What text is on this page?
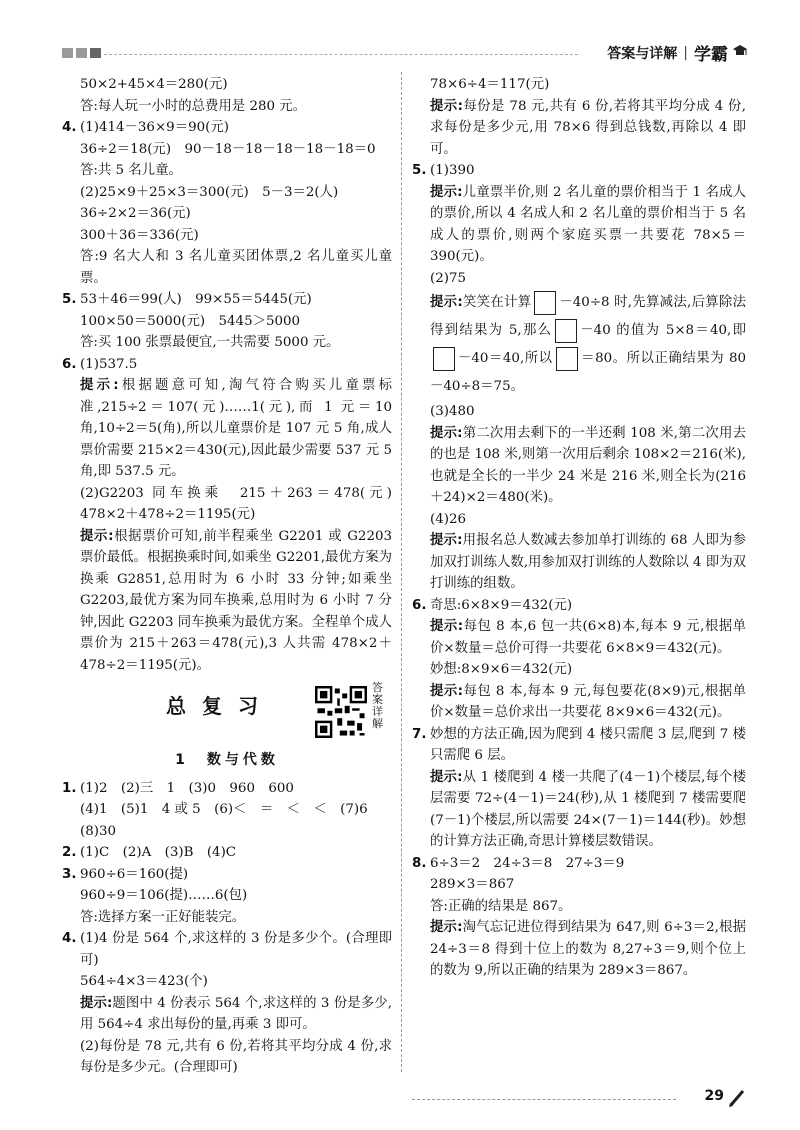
答案与详解 | 学霸
50×2+45×4＝280(元)
答:每人玩一小时的总费用是 280 元。
4. (1)414－36×9＝90(元)
36÷2＝18(元)　90－18－18－18－18－18＝0
答:共 5 名儿童。
(2)25×9＋25×3＝300(元)　5－3＝2(人)
36÷2×2＝36(元)
300＋36＝336(元)
答:9 名大人和 3 名儿童买团体票,2 名儿童买儿童票。
5. 53＋46＝99(人)　99×55＝5445(元)
100×50＝5000(元)　5445＞5000
答:买 100 张票最便宜,一共需要 5000 元。
6. (1)537.5
提示:根据题意可知,淘气符合购买儿童票标准,215÷2＝107(元)……1(元),而 1 元＝10 角,10÷2＝5(角),所以儿童票价是 107 元 5 角,成人票价需要 215×2＝430(元),因此最少需要 537 元 5 角,即 537.5 元。
(2)G2203 同车换乘　215＋263＝478(元)　478×2＋478÷2＝1195(元)
提示:根据票价可知,前半程乘坐 G2201 或 G2203 票价最低。根据换乘时间,如乘坐 G2201,最优方案为换乘 G2851,总用时为 6 小时 33 分钟;如乘坐 G2203,最优方案为同车换乘,总用时为 6 小时 7 分钟,因此 G2203 同车换乘为最优方案。全程单个成人票价为 215＋263＝478(元),3 人共需 478×2＋478÷2＝1195(元)。
总复习
答案详解
1　数与代数
1. (1)2　(2)三　1　(3)0　960　600
(4)1　(5)1　4 或 5　(6)＜　＝　＜　＜　(7)6
(8)30
2. (1)C　(2)A　(3)B　(4)C
3. 960÷6＝160(提)
960÷9＝106(提)……6(包)
答:选择方案一正好能装完。
4. (1)4 份是 564 个,求这样的 3 份是多少个。(合理即可)
564÷4×3＝423(个)
提示:题图中 4 份表示 564 个,求这样的 3 份是多少,用 564÷4 求出每份的量,再乘 3 即可。
(2)每份是 78 元,共有 6 份,若将其平均分成 4 份,求每份是多少元。(合理即可)
78×6÷4＝117(元)
提示:每份是 78 元,共有 6 份,若将其平均分成 4 份,求每份是多少元,用 78×6 得到总钱数,再除以 4 即可。
5. (1)390
提示:儿童票半价,则 2 名儿童的票价相当于 1 名成人的票价,所以 4 名成人和 2 名儿童的票价相当于 5 名成人的票价,则两个家庭买票一共要花 78×5＝390(元)。
(2)75
提示:笑笑在计算 －40÷8 时,先算减法,后算除法得到结果为 5,那么 －40 的值为 5×8＝40,即－40＝40,所以 ＝80。所以正确结果为 80－40÷8＝75。
(3)480
提示:第二次用去剩下的一半还剩 108 米,第二次用去的也是 108 米,则第一次用后剩余 108×2＝216(米),也就是全长的一半少 24 米是 216 米,则全长为(216＋24)×2＝480(米)。
(4)26
提示:用报名总人数减去参加单打训练的 68 人即为参加双打训练人数,用参加双打训练的人数除以 4 即为双打训练的组数。
6. 奇思:6×8×9＝432(元)
提示:每包 8 本,6 包一共(6×8)本,每本 9 元,根据单价×数量＝总价可得一共要花 6×8×9＝432(元)。
妙想:8×9×6＝432(元)
提示:每包 8 本,每本 9 元,每包要花(8×9)元,根据单价×数量＝总价求出一共要花 8×9×6＝432(元)。
7. 妙想的方法正确,因为爬到 4 楼只需爬 3 层,爬到 7 楼只需爬 6 层。
提示:从 1 楼爬到 4 楼一共爬了(4－1)个楼层,每个楼层需要 72÷(4－1)＝24(秒),从 1 楼爬到 7 楼需要爬(7－1)个楼层,所以需要 24×(7－1)＝144(秒)。妙想的计算方法正确,奇思计算楼层数错误。
8. 6÷3＝2　24÷3＝8　27÷3＝9
289×3＝867
答:正确的结果是 867。
提示:淘气忘记进位得到结果为 647,则 6÷3＝2,根据 24÷3＝8 得到十位上的数为 8,27÷3＝9,则个位上的数为 9,所以正确的结果为 289×3＝867。
29
